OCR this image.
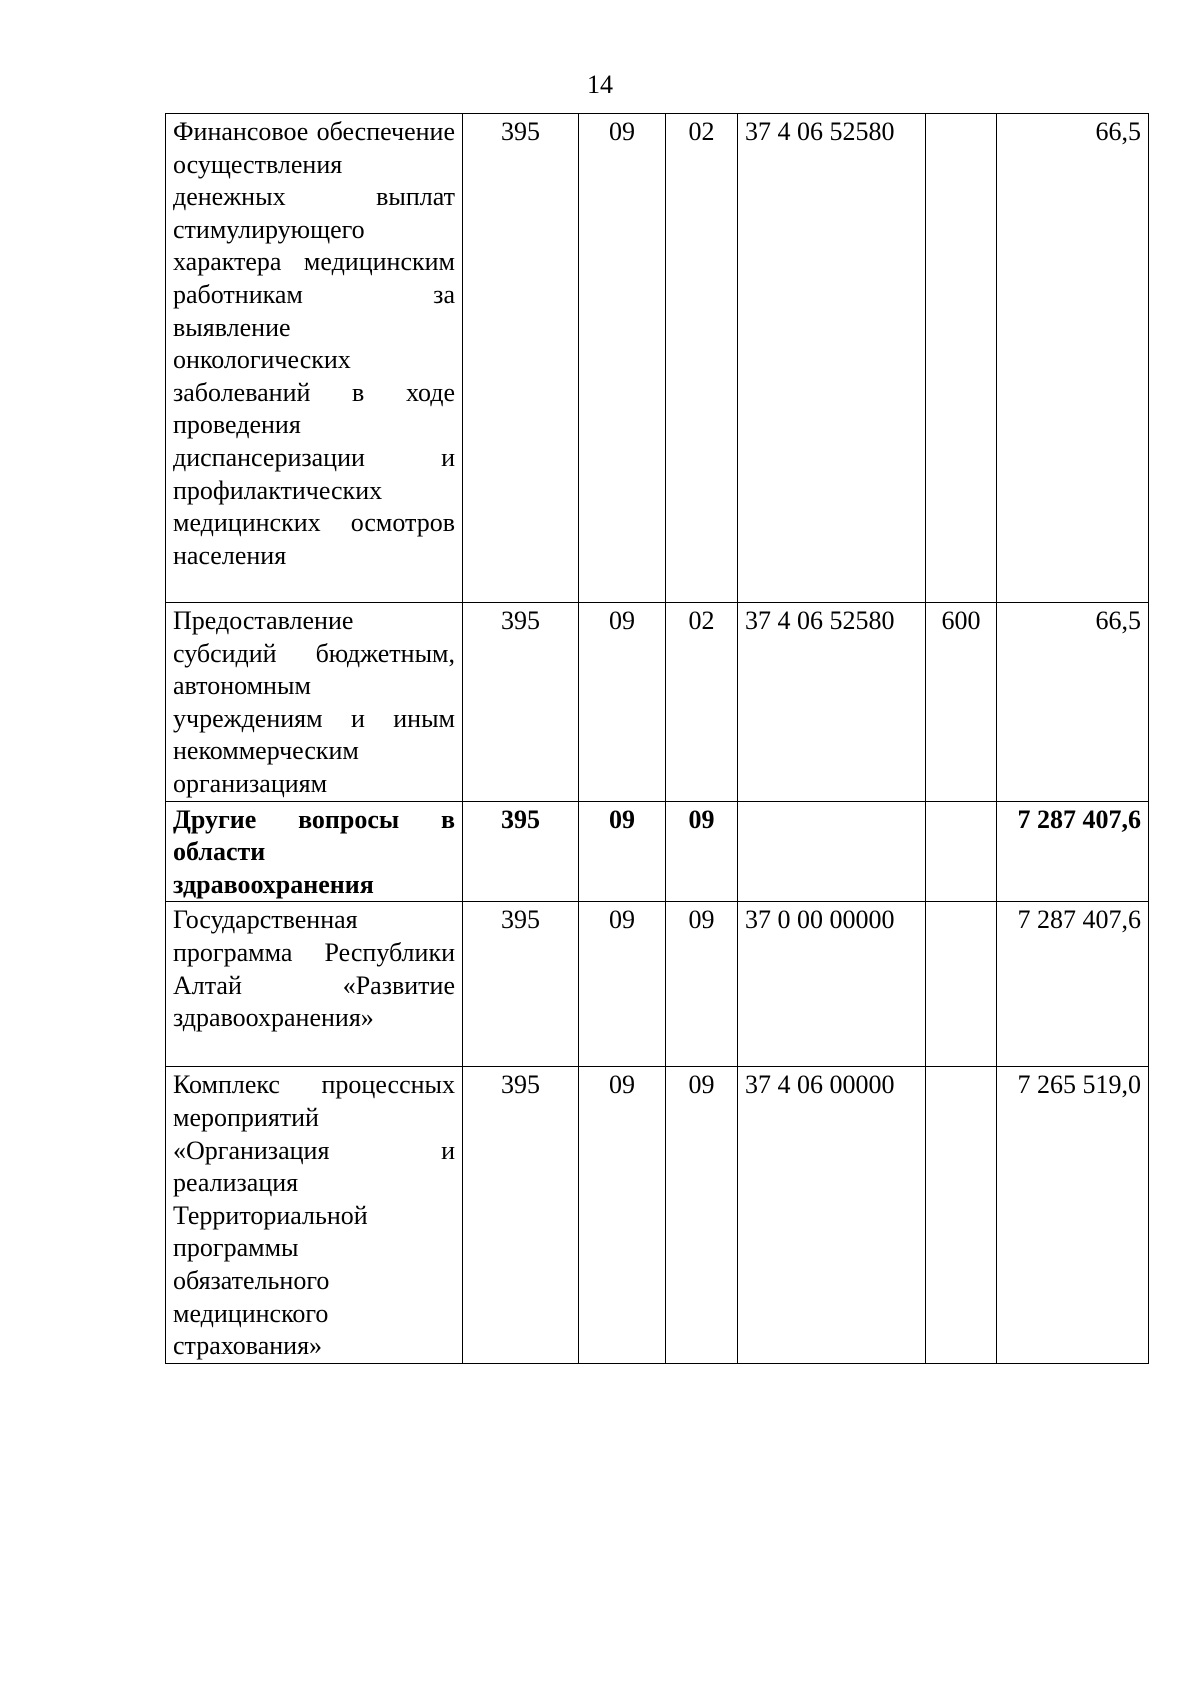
14
Финансовое обеспечение осуществления денежных выплат стимулирующего характера медицинским работникам за выявление онкологических заболеваний в ходе проведения диспансеризации и профилактических медицинских осмотров населения	395	09	02	37 4 06 52580		66,5
Предоставление субсидий бюджетным, автономным учреждениям и иным некоммерческим организациям	395	09	02	37 4 06 52580	600	66,5
Другие вопросы в области здравоохранения	395	09	09			7 287 407,6
Государственная программа Республики Алтай «Развитие здравоохранения»	395	09	09	37 0 00 00000		7 287 407,6
Комплекс процессных мероприятий «Организация и реализация Территориальной программы обязательного медицинского страхования»	395	09	09	37 4 06 00000		7 265 519,0
